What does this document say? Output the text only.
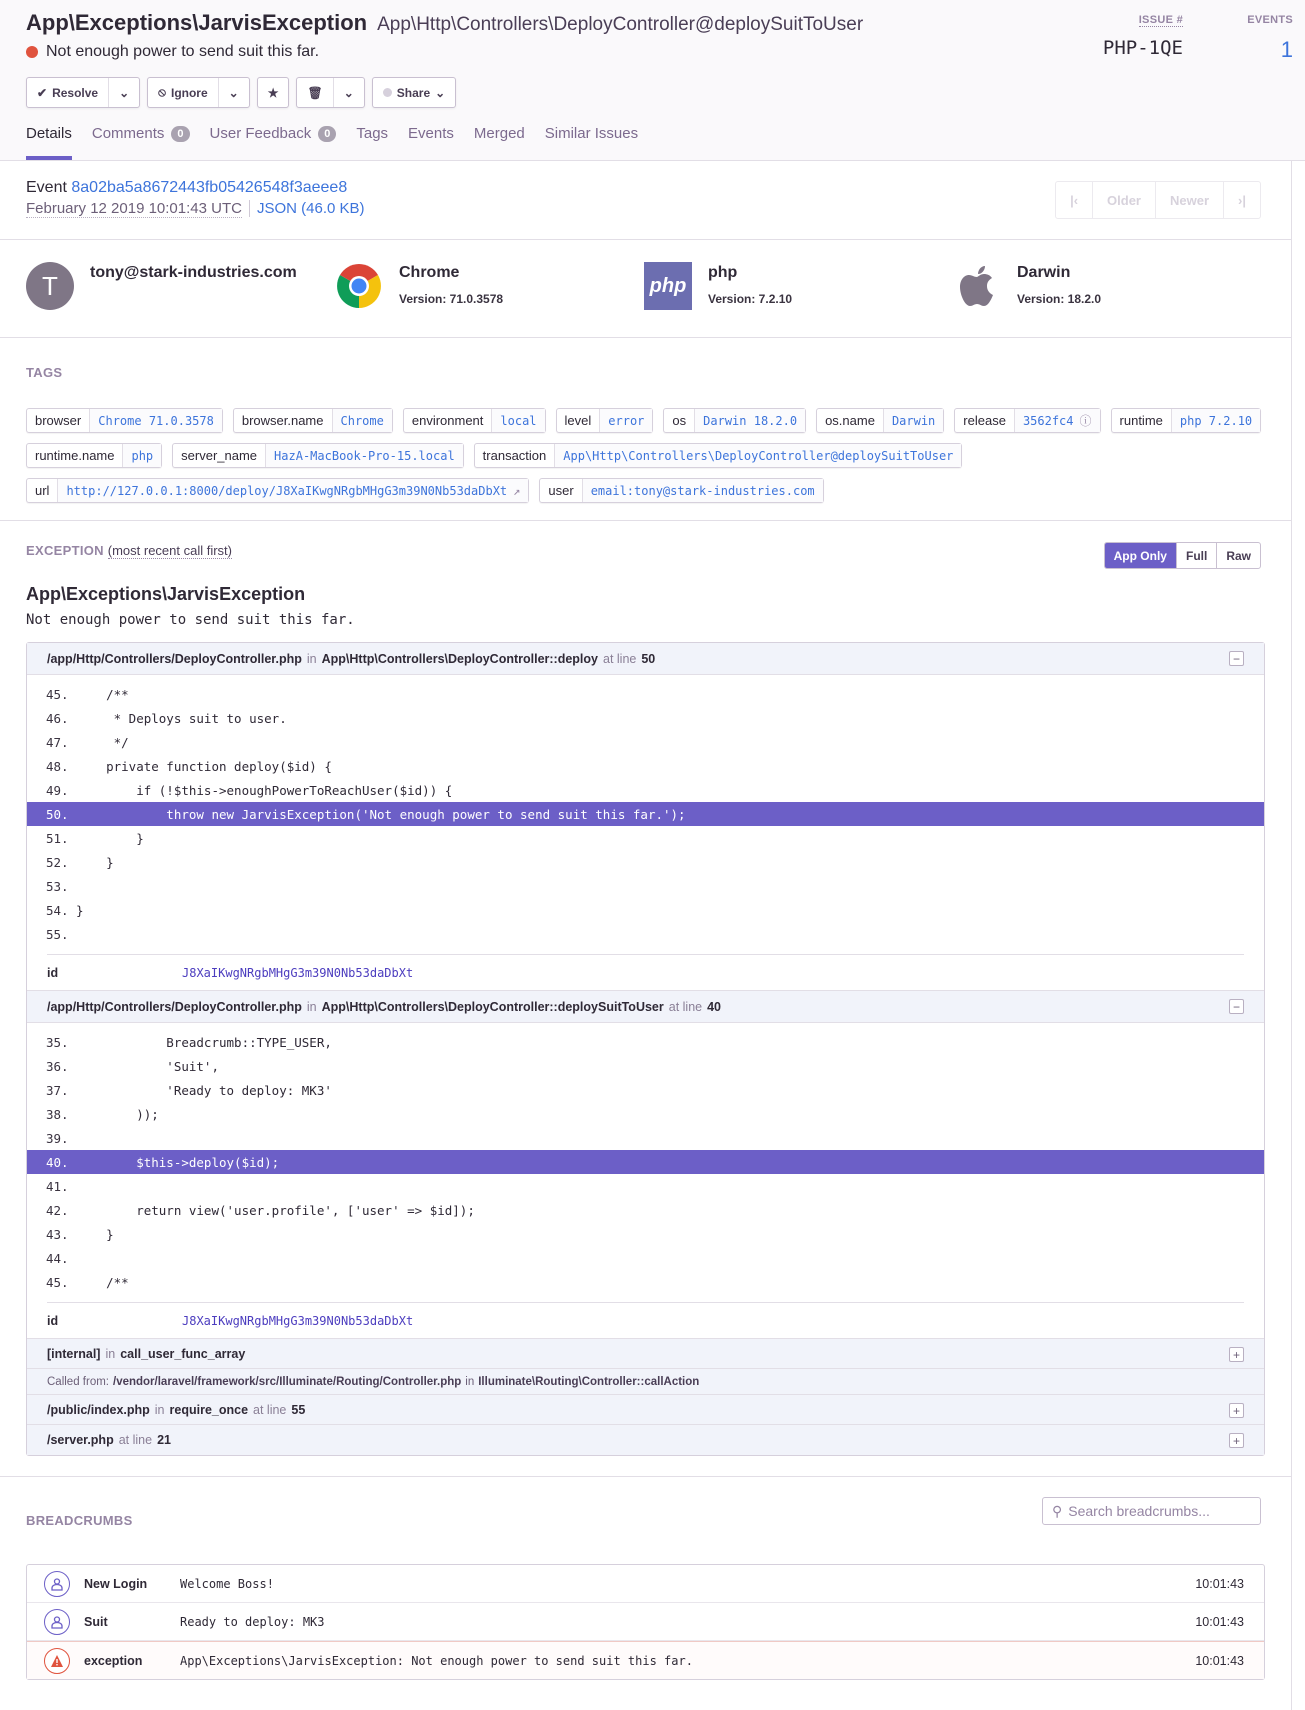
App\Exceptions\JarvisException App\Http\Controllers\DeployController@deploySuitToUser
Not enough power to send suit this far.
ISSUE #
PHP-1QE
EVENTS
1
✔ Resolve ⌄ ⦸ Ignore ⌄ ★ 🗑 ⌄	Share ⌄
Details Comments	0	User Feedback	0	Tags Events Merged Similar Issues
Event 8a02ba5a8672443fb05426548f3aeee8
February 12 2019 10:01:43 UTC JSON (46.0 KB)	|‹	Older	Newer	›|
T	tony@stark-industries.com	Chrome
Version: 71.0.3578
php
php
Version: 7.2.10
Darwin
Version: 18.2.0
TAGS
browser	Chrome 71.0.3578	browser.name	Chrome	environment	local	level	error	os	Darwin 18.2.0	os.name	Darwin	release	3562fc4 ⓘ	runtime	php 7.2.10
runtime.name	php	server_name	HazA-MacBook-Pro-15.local	transaction	App\Http\Controllers\DeployController@deploySuitToUser
url	http://127.0.0.1:8000/deploy/J8XaIKwgNRgbMHgG3m39N0Nb53daDbXt ↗	user	email:tony@stark-industries.com
EXCEPTION (most recent call first)	App Only	Full	Raw
App\Exceptions\JarvisException
Not enough power to send suit this far.
/app/Http/Controllers/DeployController.php in App\Http\Controllers\DeployController::deploy at line 50	−
45. /**
46. * Deploys suit to user.
47. */
48. private function deploy($id) {
49. if (!$this->enoughPowerToReachUser($id)) {
50. throw new JarvisException('Not enough power to send suit this far.');
51. }
52. }
53.
54. }
55.
id	J8XaIKwgNRgbMHgG3m39N0Nb53daDbXt
/app/Http/Controllers/DeployController.php in App\Http\Controllers\DeployController::deploySuitToUser at line 40	−
35. Breadcrumb::TYPE_USER,
36. 'Suit',
37. 'Ready to deploy: MK3'
38. ));
39.
40. $this->deploy($id);
41.
42. return view('user.profile', ['user' => $id]);
43. }
44.
45. /**
id	J8XaIKwgNRgbMHgG3m39N0Nb53daDbXt
[internal] in call_user_func_array	+
Called from: /vendor/laravel/framework/src/Illuminate/Routing/Controller.php in Illuminate\Routing\Controller::callAction
/public/index.php in require_once at line 55	+
/server.php at line 21	+
BREADCRUMBS
⚲ Search breadcrumbs...
New Login	Welcome Boss!	10:01:43
Suit	Ready to deploy: MK3	10:01:43
exception	App\Exceptions\JarvisException: Not enough power to send suit this far.	10:01:43
